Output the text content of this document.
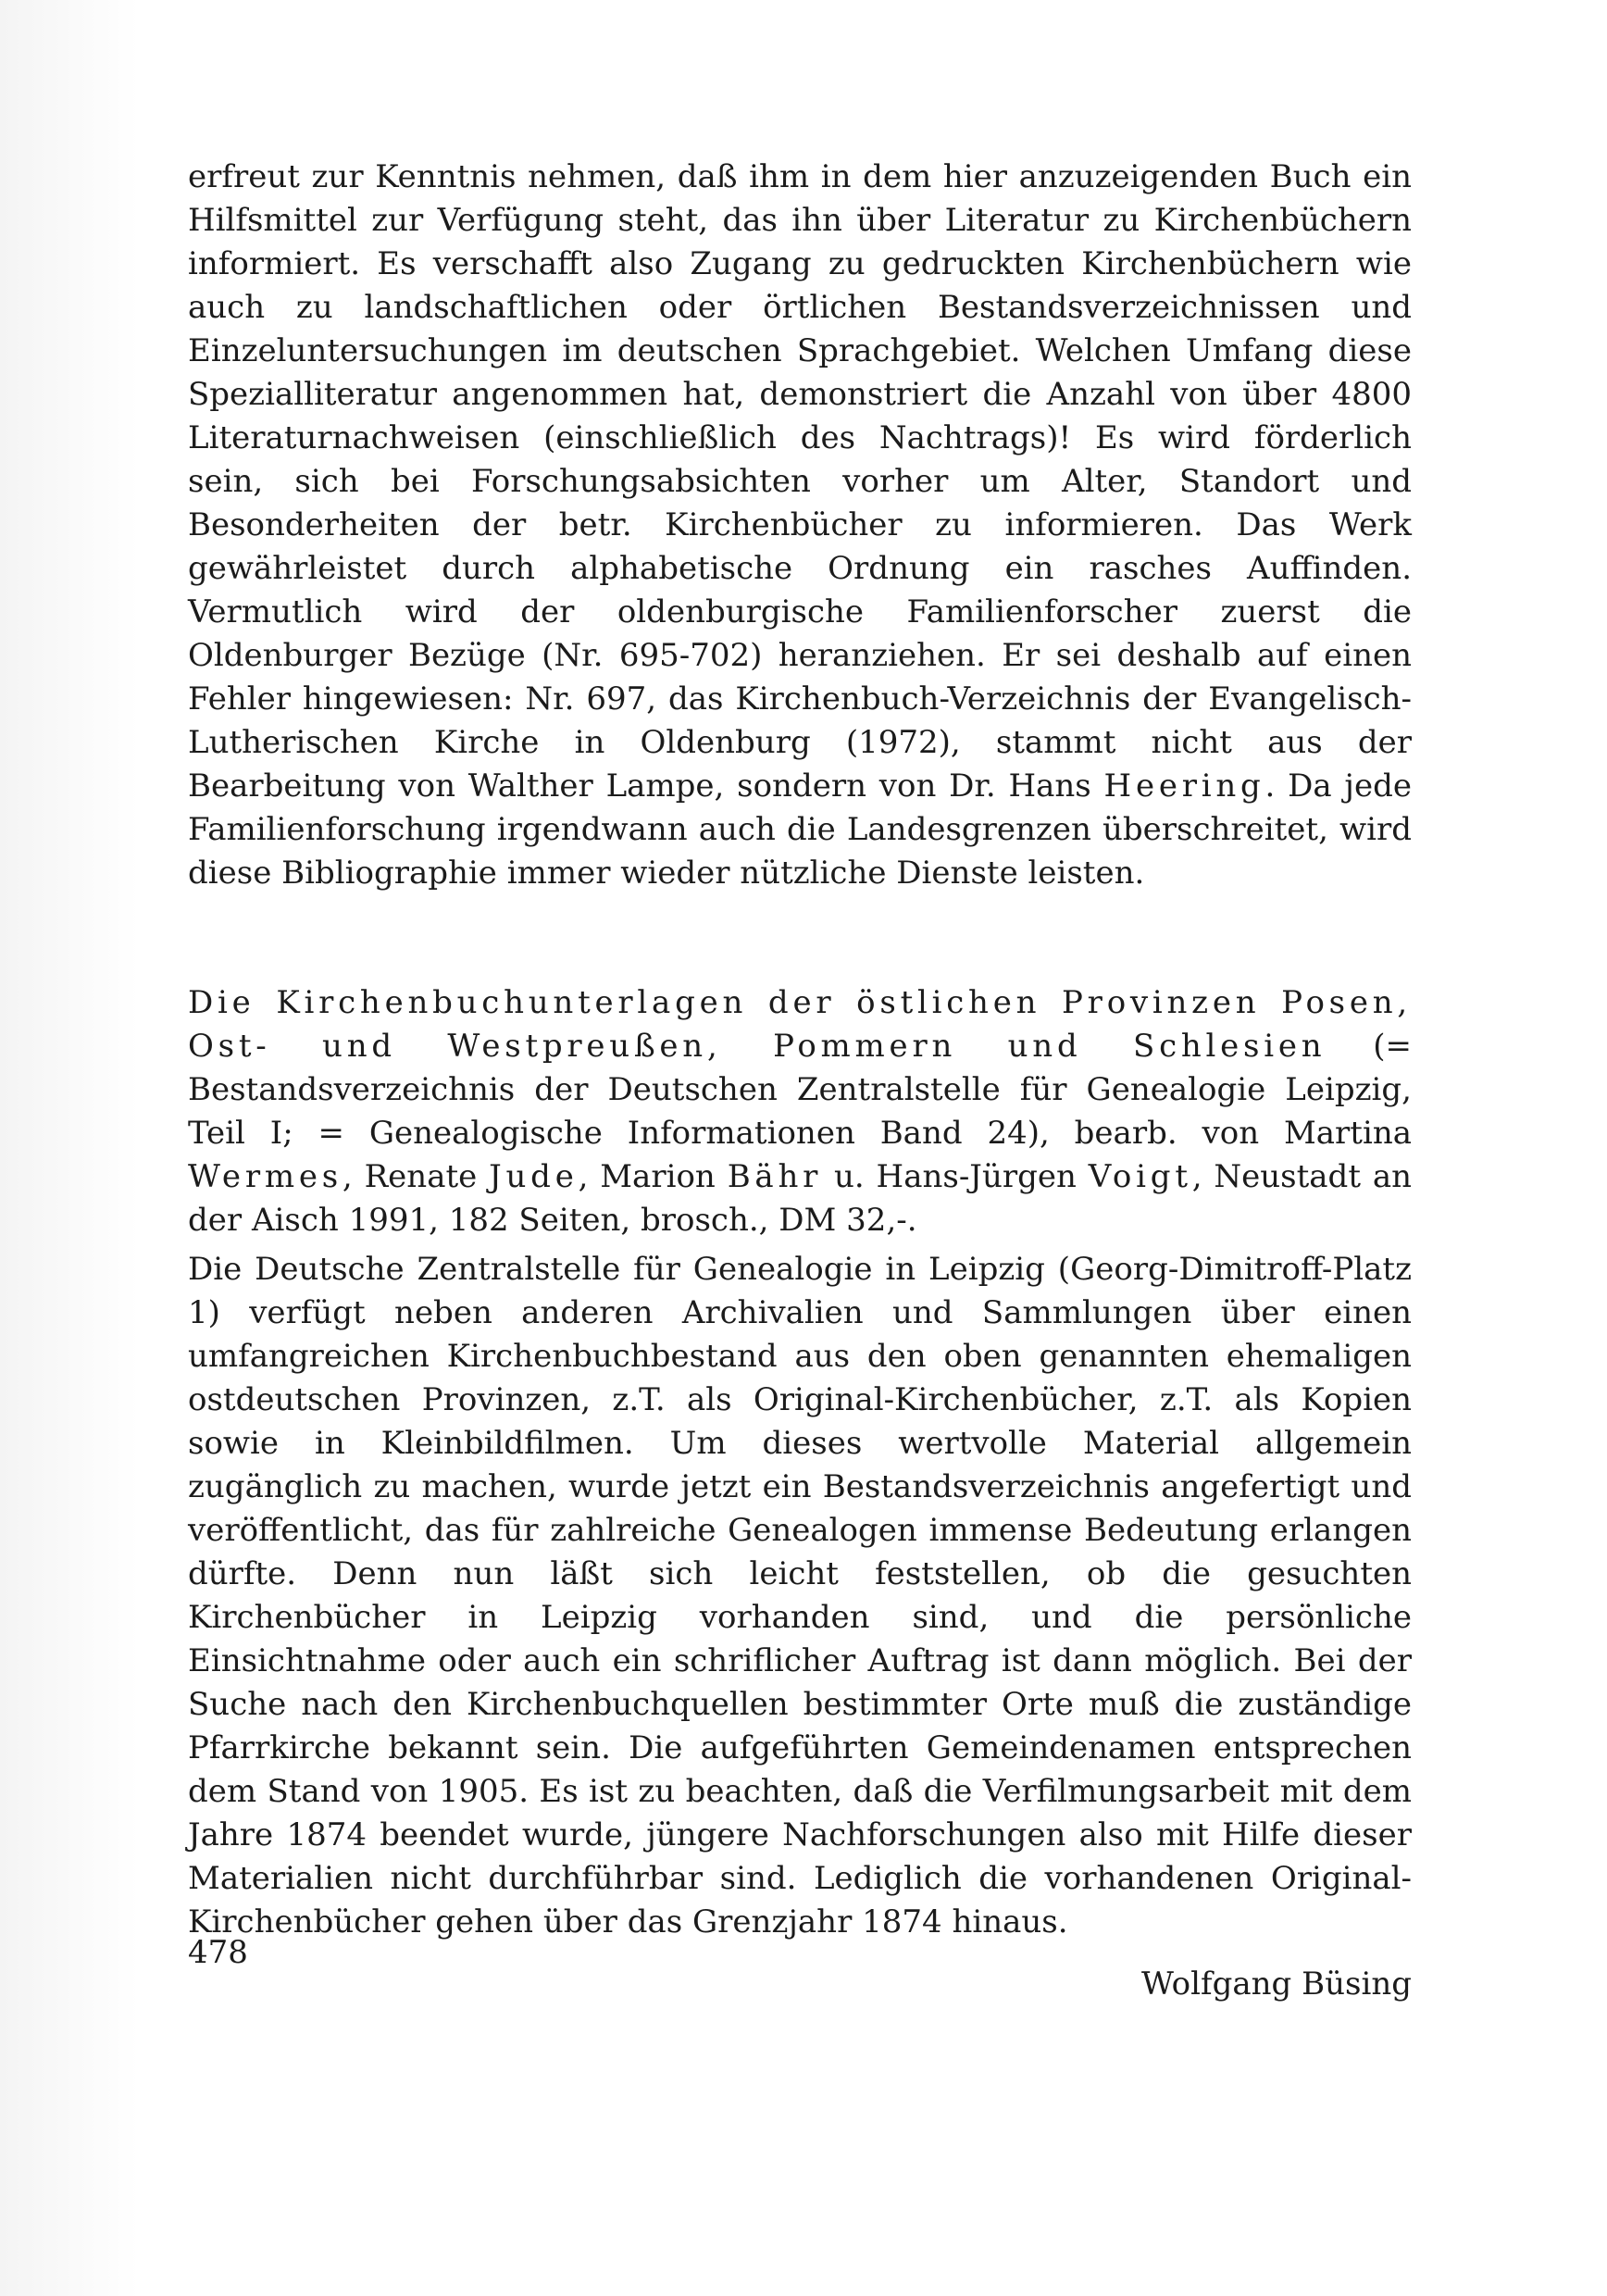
erfreut zur Kenntnis nehmen, daß ihm in dem hier anzuzeigenden Buch ein Hilfsmittel zur Verfügung steht, das ihn über Literatur zu Kirchenbüchern informiert. Es verschafft also Zugang zu gedruckten Kirchenbüchern wie auch zu landschaftlichen oder örtlichen Bestandsverzeichnissen und Einzeluntersuchungen im deutschen Sprachgebiet. Welchen Umfang diese Spezialliteratur angenommen hat, demonstriert die Anzahl von über 4800 Literaturnachweisen (einschließlich des Nachtrags)! Es wird förderlich sein, sich bei Forschungsabsichten vorher um Alter, Standort und Besonderheiten der betr. Kirchenbücher zu informieren. Das Werk gewährleistet durch alphabetische Ordnung ein rasches Auffinden. Vermutlich wird der oldenburgische Familienforscher zuerst die Oldenburger Bezüge (Nr. 695-702) heranziehen. Er sei deshalb auf einen Fehler hingewiesen: Nr. 697, das Kirchenbuch-Verzeichnis der Evangelisch-Lutherischen Kirche in Oldenburg (1972), stammt nicht aus der Bearbeitung von Walther Lampe, sondern von Dr. Hans Heering. Da jede Familienforschung irgendwann auch die Landesgrenzen überschreitet, wird diese Bibliographie immer wieder nützliche Dienste leisten.

Die Kirchenbuchunterlagen der östlichen Provinzen Posen, Ost- und Westpreußen, Pommern und Schlesien (= Bestandsverzeichnis der Deutschen Zentralstelle für Genealogie Leipzig, Teil I; = Genealogische Informationen Band 24), bearb. von Martina Wermes, Renate Jude, Marion Bähr u. Hans-Jürgen Voigt, Neustadt an der Aisch 1991, 182 Seiten, brosch., DM 32,-.

Die Deutsche Zentralstelle für Genealogie in Leipzig (Georg-Dimitroff-Platz 1) verfügt neben anderen Archivalien und Sammlungen über einen umfangreichen Kirchenbuchbestand aus den oben genannten ehemaligen ostdeutschen Provinzen, z.T. als Original-Kirchenbücher, z.T. als Kopien sowie in Kleinbildfilmen. Um dieses wertvolle Material allgemein zugänglich zu machen, wurde jetzt ein Bestandsverzeichnis angefertigt und veröffentlicht, das für zahlreiche Genealogen immense Bedeutung erlangen dürfte. Denn nun läßt sich leicht feststellen, ob die gesuchten Kirchenbücher in Leipzig vorhanden sind, und die persönliche Einsichtnahme oder auch ein schriflicher Auftrag ist dann möglich. Bei der Suche nach den Kirchenbuchquellen bestimmter Orte muß die zuständige Pfarrkirche bekannt sein. Die aufgeführten Gemeindenamen entsprechen dem Stand von 1905. Es ist zu beachten, daß die Verfilmungsarbeit mit dem Jahre 1874 beendet wurde, jüngere Nachforschungen also mit Hilfe dieser Materialien nicht durchführbar sind. Lediglich die vorhandenen Original-Kirchenbücher gehen über das Grenzjahr 1874 hinaus.

Wolfgang Büsing
478
